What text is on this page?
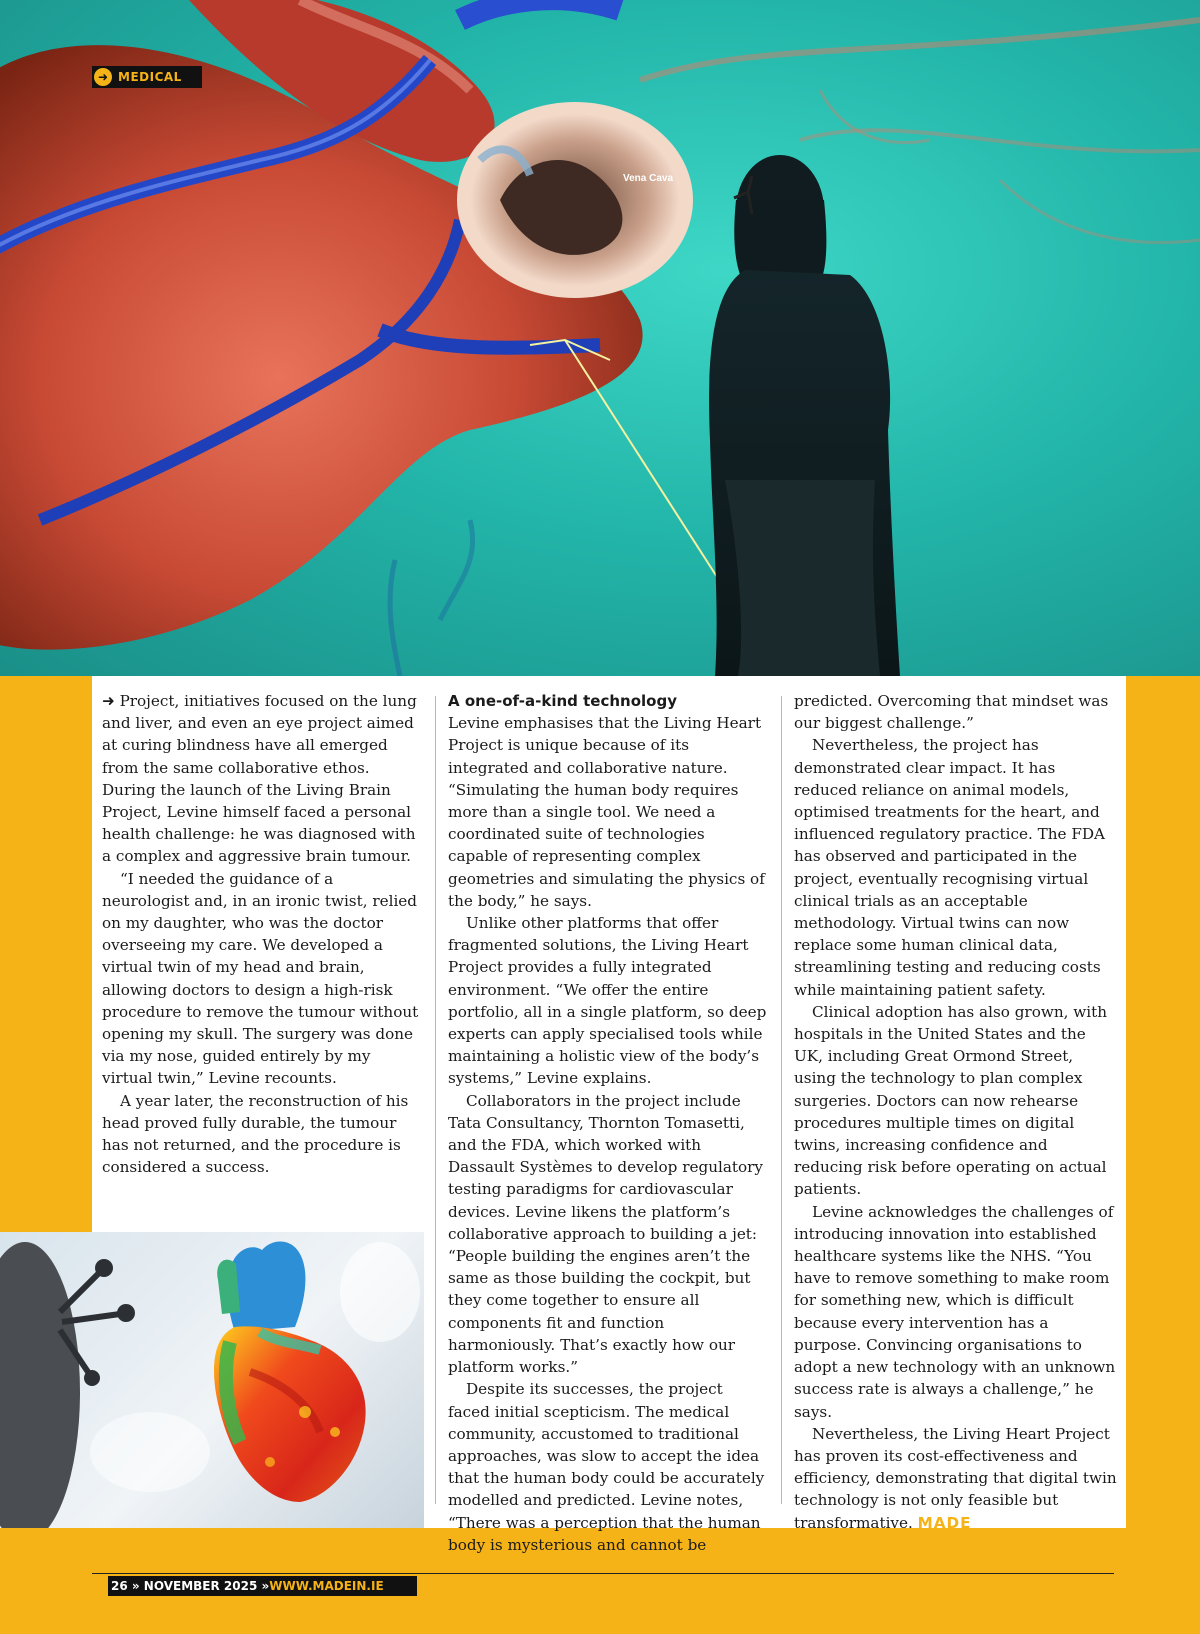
Vena Cava
➜ MEDICAL

➜ Project, initiatives focused on the lung and liver, and even an eye project aimed at curing blindness have all emerged from the same collaborative ethos. During the launch of the Living Brain Project, Levine himself faced a personal health challenge: he was diagnosed with a complex and aggressive brain tumour.

“I needed the guidance of a neurologist and, in an ironic twist, relied on my daughter, who was the doctor overseeing my care. We developed a virtual twin of my head and brain, allowing doctors to design a high-risk procedure to remove the tumour without opening my skull. The surgery was done via my nose, guided entirely by my virtual twin,” Levine recounts.

A year later, the reconstruction of his head proved fully durable, the tumour has not returned, and the procedure is considered a success.

A one-of-a-kind technology

Levine emphasises that the Living Heart Project is unique because of its integrated and collaborative nature. “Simulating the human body requires more than a single tool. We need a coordinated suite of technologies capable of representing complex geometries and simulating the physics of the body,” he says.

Unlike other platforms that offer fragmented solutions, the Living Heart Project provides a fully integrated environment. “We offer the entire portfolio, all in a single platform, so deep experts can apply specialised tools while maintaining a holistic view of the body’s systems,” Levine explains.

Collaborators in the project include Tata Consultancy, Thornton Tomasetti, and the FDA, which worked with Dassault Systèmes to develop regulatory testing paradigms for cardiovascular devices. Levine likens the platform’s collaborative approach to building a jet: “People building the engines aren’t the same as those building the cockpit, but they come together to ensure all components fit and function harmoniously. That’s exactly how our platform works.”

Despite its successes, the project faced initial scepticism. The medical community, accustomed to traditional approaches, was slow to accept the idea that the human body could be accurately modelled and predicted. Levine notes, “There was a perception that the human body is mysterious and cannot be

predicted. Overcoming that mindset was our biggest challenge.”

Nevertheless, the project has demonstrated clear impact. It has reduced reliance on animal models, optimised treatments for the heart, and influenced regulatory practice. The FDA has observed and participated in the project, eventually recognising virtual clinical trials as an acceptable methodology. Virtual twins can now replace some human clinical data, streamlining testing and reducing costs while maintaining patient safety.

Clinical adoption has also grown, with hospitals in the United States and the UK, including Great Ormond Street, using the technology to plan complex surgeries. Doctors can now rehearse procedures multiple times on digital twins, increasing confidence and reducing risk before operating on actual patients.

Levine acknowledges the challenges of introducing innovation into established healthcare systems like the NHS. “You have to remove something to make room for something new, which is difficult because every intervention has a purpose. Convincing organisations to adopt a new technology with an unknown success rate is always a challenge,” he says.

Nevertheless, the Living Heart Project has proven its cost-effectiveness and efficiency, demonstrating that digital twin technology is not only feasible but transformative. MADE

26 » NOVEMBER 2025 » WWW.MADEIN.IE
